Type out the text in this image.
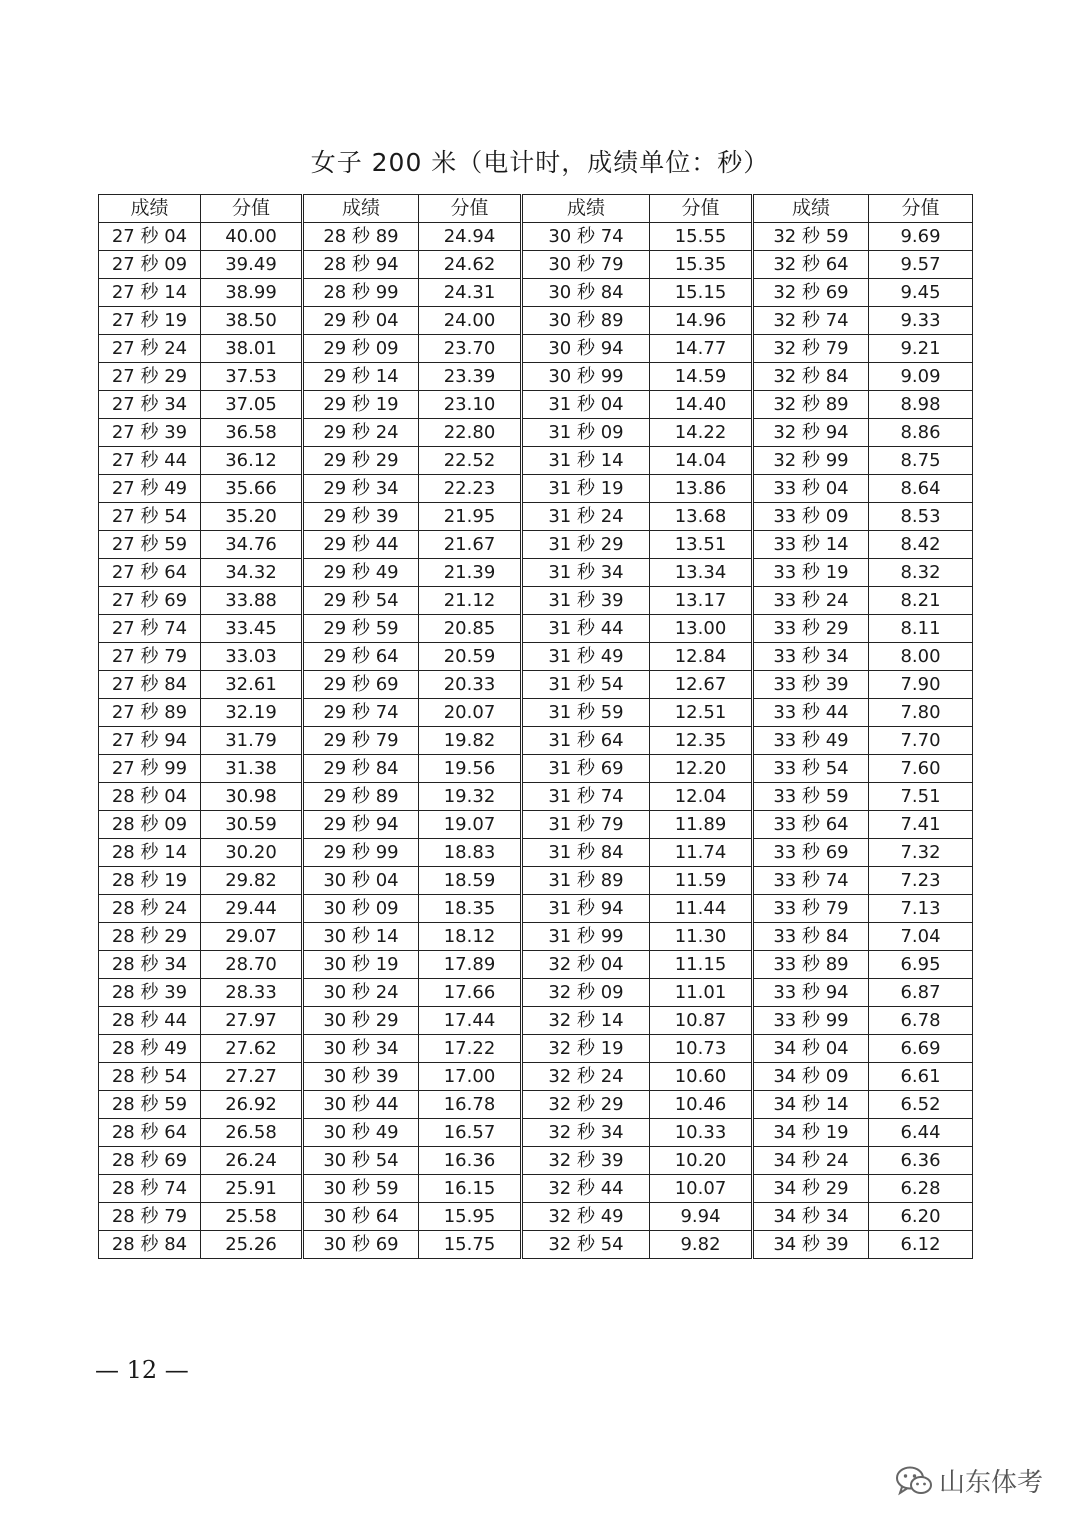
女子 200 米（电计时，成绩单位：秒）
成绩	分值	成绩	分值	成绩	分值	成绩	分值
27 秒 04	40.00	28 秒 89	24.94	30 秒 74	15.55	32 秒 59	9.69
27 秒 09	39.49	28 秒 94	24.62	30 秒 79	15.35	32 秒 64	9.57
27 秒 14	38.99	28 秒 99	24.31	30 秒 84	15.15	32 秒 69	9.45
27 秒 19	38.50	29 秒 04	24.00	30 秒 89	14.96	32 秒 74	9.33
27 秒 24	38.01	29 秒 09	23.70	30 秒 94	14.77	32 秒 79	9.21
27 秒 29	37.53	29 秒 14	23.39	30 秒 99	14.59	32 秒 84	9.09
27 秒 34	37.05	29 秒 19	23.10	31 秒 04	14.40	32 秒 89	8.98
27 秒 39	36.58	29 秒 24	22.80	31 秒 09	14.22	32 秒 94	8.86
27 秒 44	36.12	29 秒 29	22.52	31 秒 14	14.04	32 秒 99	8.75
27 秒 49	35.66	29 秒 34	22.23	31 秒 19	13.86	33 秒 04	8.64
27 秒 54	35.20	29 秒 39	21.95	31 秒 24	13.68	33 秒 09	8.53
27 秒 59	34.76	29 秒 44	21.67	31 秒 29	13.51	33 秒 14	8.42
27 秒 64	34.32	29 秒 49	21.39	31 秒 34	13.34	33 秒 19	8.32
27 秒 69	33.88	29 秒 54	21.12	31 秒 39	13.17	33 秒 24	8.21
27 秒 74	33.45	29 秒 59	20.85	31 秒 44	13.00	33 秒 29	8.11
27 秒 79	33.03	29 秒 64	20.59	31 秒 49	12.84	33 秒 34	8.00
27 秒 84	32.61	29 秒 69	20.33	31 秒 54	12.67	33 秒 39	7.90
27 秒 89	32.19	29 秒 74	20.07	31 秒 59	12.51	33 秒 44	7.80
27 秒 94	31.79	29 秒 79	19.82	31 秒 64	12.35	33 秒 49	7.70
27 秒 99	31.38	29 秒 84	19.56	31 秒 69	12.20	33 秒 54	7.60
28 秒 04	30.98	29 秒 89	19.32	31 秒 74	12.04	33 秒 59	7.51
28 秒 09	30.59	29 秒 94	19.07	31 秒 79	11.89	33 秒 64	7.41
28 秒 14	30.20	29 秒 99	18.83	31 秒 84	11.74	33 秒 69	7.32
28 秒 19	29.82	30 秒 04	18.59	31 秒 89	11.59	33 秒 74	7.23
28 秒 24	29.44	30 秒 09	18.35	31 秒 94	11.44	33 秒 79	7.13
28 秒 29	29.07	30 秒 14	18.12	31 秒 99	11.30	33 秒 84	7.04
28 秒 34	28.70	30 秒 19	17.89	32 秒 04	11.15	33 秒 89	6.95
28 秒 39	28.33	30 秒 24	17.66	32 秒 09	11.01	33 秒 94	6.87
28 秒 44	27.97	30 秒 29	17.44	32 秒 14	10.87	33 秒 99	6.78
28 秒 49	27.62	30 秒 34	17.22	32 秒 19	10.73	34 秒 04	6.69
28 秒 54	27.27	30 秒 39	17.00	32 秒 24	10.60	34 秒 09	6.61
28 秒 59	26.92	30 秒 44	16.78	32 秒 29	10.46	34 秒 14	6.52
28 秒 64	26.58	30 秒 49	16.57	32 秒 34	10.33	34 秒 19	6.44
28 秒 69	26.24	30 秒 54	16.36	32 秒 39	10.20	34 秒 24	6.36
28 秒 74	25.91	30 秒 59	16.15	32 秒 44	10.07	34 秒 29	6.28
28 秒 79	25.58	30 秒 64	15.95	32 秒 49	9.94	34 秒 34	6.20
28 秒 84	25.26	30 秒 69	15.75	32 秒 54	9.82	34 秒 39	6.12
— 12 —
山东体考
